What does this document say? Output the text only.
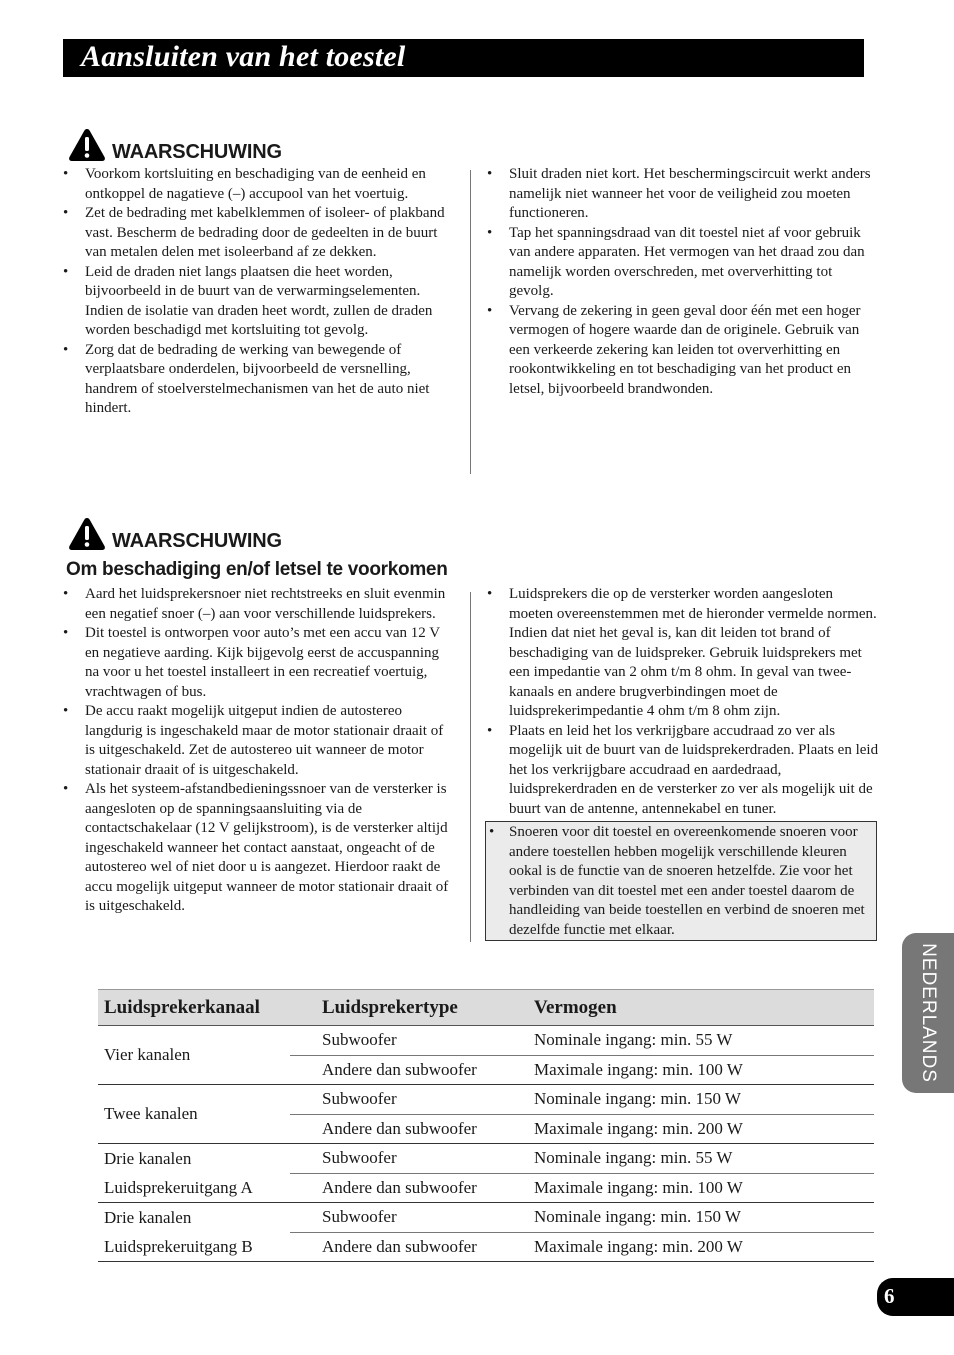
Aansluiten van het toestel
WAARSCHUWING
• Voorkom kortsluiting en beschadiging van de eenheid en ontkoppel de nagatieve (–) accupool van het voertuig.
• Zet de bedrading met kabelklemmen of isoleer- of plakband vast. Bescherm de bedrading door de gedeelten in de buurt van metalen delen met isoleerband af ze dekken.
• Leid de draden niet langs plaatsen die heet worden, bijvoorbeeld in de buurt van de verwarmingselementen. Indien de isolatie van draden heet wordt, zullen de draden worden beschadigd met kortsluiting tot gevolg.
• Zorg dat de bedrading de werking van bewegende of verplaatsbare onderdelen, bijvoorbeeld de versnelling, handrem of stoelverstelmechanismen van het de auto niet hindert.
• Sluit draden niet kort. Het beschermingscircuit werkt anders namelijk niet wanneer het voor de veiligheid zou moeten functioneren.
• Tap het spanningsdraad van dit toestel niet af voor gebruik van andere apparaten. Het vermogen van het draad zou dan namelijk worden overschreden, met oververhitting tot gevolg.
• Vervang de zekering in geen geval door één met een hoger vermogen of hogere waarde dan de originele. Gebruik van een verkeerde zekering kan leiden tot oververhitting en rookontwikkeling en tot beschadiging van het product en letsel, bijvoorbeeld brandwonden.
WAARSCHUWING
Om beschadiging en/of letsel te voorkomen
• Aard het luidsprekersnoer niet rechtstreeks en sluit evenmin een negatief snoer (–) aan voor verschillende luidsprekers.
• Dit toestel is ontworpen voor auto’s met een accu van 12 V en negatieve aarding. Kijk bijgevolg eerst de accuspanning na voor u het toestel installeert in een recreatief voertuig, vrachtwagen of bus.
• De accu raakt mogelijk uitgeput indien de autostereo langdurig is ingeschakeld maar de motor stationair draait of is uitgeschakeld. Zet de autostereo uit wanneer de motor stationair draait of is uitgeschakeld.
• Als het systeem-afstandbedieningssnoer van de versterker is aangesloten op de spanningsaansluiting via de contactschakelaar (12 V gelijkstroom), is de versterker altijd ingeschakeld wanneer het contact aanstaat, ongeacht of de autostereo wel of niet door u is aangezet. Hierdoor raakt de accu mogelijk uitgeput wanneer de motor stationair draait of is uitgeschakeld.
• Luidsprekers die op de versterker worden aangesloten moeten overeenstemmen met de hieronder vermelde normen. Indien dat niet het geval is, kan dit leiden tot brand of beschadiging van de luidspreker. Gebruik luidsprekers met een impedantie van 2 ohm t/m 8 ohm. In geval van twee-kanaals en andere brugverbindingen moet de luidsprekerimpedantie 4 ohm t/m 8 ohm zijn.
• Plaats en leid het los verkrijgbare accudraad zo ver als mogelijk uit de buurt van de luidsprekerdraden. Plaats en leid het los verkrijgbare accudraad en aardedraad, luidsprekerdraden en de versterker zo ver als mogelijk uit de buurt van de antenne, antennekabel en tuner.
• Snoeren voor dit toestel en overeenkomende snoeren voor andere toestellen hebben mogelijk verschillende kleuren ookal is de functie van de snoeren hetzelfde. Zie voor het verbinden van dit toestel met een ander toestel daarom de handleiding van beide toestellen en verbind de snoeren met dezelfde functie met elkaar.
NEDERLANDS
Luidsprekerkanaal	Luidsprekertype	Vermogen
Vier kanalen	Subwoofer	Nominale ingang: min. 55 W
	Andere dan subwoofer	Maximale ingang: min. 100 W
Twee kanalen	Subwoofer	Nominale ingang: min. 150 W
	Andere dan subwoofer	Maximale ingang: min. 200 W
Drie kanalen	Subwoofer	Nominale ingang: min. 55 W
Luidsprekeruitgang A	Andere dan subwoofer	Maximale ingang: min. 100 W
Drie kanalen	Subwoofer	Nominale ingang: min. 150 W
Luidsprekeruitgang B	Andere dan subwoofer	Maximale ingang: min. 200 W
6
